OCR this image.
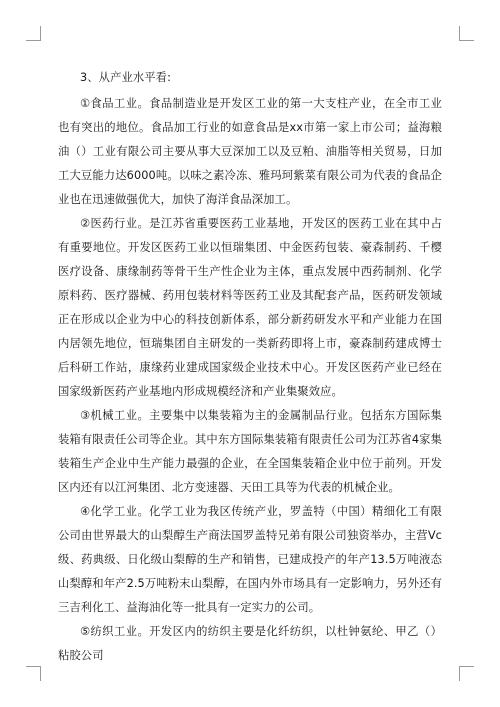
3、从产业水平看:

①食品工业。食品制造业是开发区工业的第一大支柱产业，在全市工业也有突出的地位。食品加工行业的如意食品是xx市第一家上市公司；益海粮油（）工业有限公司主要从事大豆深加工以及豆粕、油脂等相关贸易，日加工大豆能力达6000吨。以味之素冷冻、雅玛珂紫菜有限公司为代表的食品企业也在迅速做强优大，加快了海洋食品深加工。

②医药行业。是江苏省重要医药工业基地，开发区的医药工业在其中占有重要地位。开发区医药工业以恒瑞集团、中金医药包装、豪森制药、千樱医疗设备、康缘制药等骨干生产性企业为主体，重点发展中西药制剂、化学原料药、医疗器械、药用包装材料等医药工业及其配套产品，医药研发领域正在形成以企业为中心的科技创新体系，部分新药研发水平和产业能力在国内居领先地位，恒瑞集团自主研发的一类新药即将上市，豪森制药建成博士后科研工作站，康缘药业建成国家级企业技术中心。开发区医药产业已经在国家级新医药产业基地内形成规模经济和产业集聚效应。

③机械工业。主要集中以集装箱为主的金属制品行业。包括东方国际集装箱有限责任公司等企业。其中东方国际集装箱有限责任公司为江苏省4家集装箱生产企业中生产能力最强的企业，在全国集装箱企业中位于前列。开发区内还有以江河集团、北方变速器、天田工具等为代表的机械企业。

④化学工业。化学工业为我区传统产业，罗盖特（中国）精细化工有限公司由世界最大的山梨醇生产商法国罗盖特兄弟有限公司独资举办，主营Vc级、药典级、日化级山梨醇的生产和销售，已建成投产的年产13.5万吨液态山梨醇和年产2.5万吨粉末山梨醇，在国内外市场具有一定影响力，另外还有三吉利化工、益海油化等一批具有一定实力的公司。

⑤纺织工业。开发区内的纺织主要是化纤纺织，以杜钟氨纶、甲乙（）粘胶公司
